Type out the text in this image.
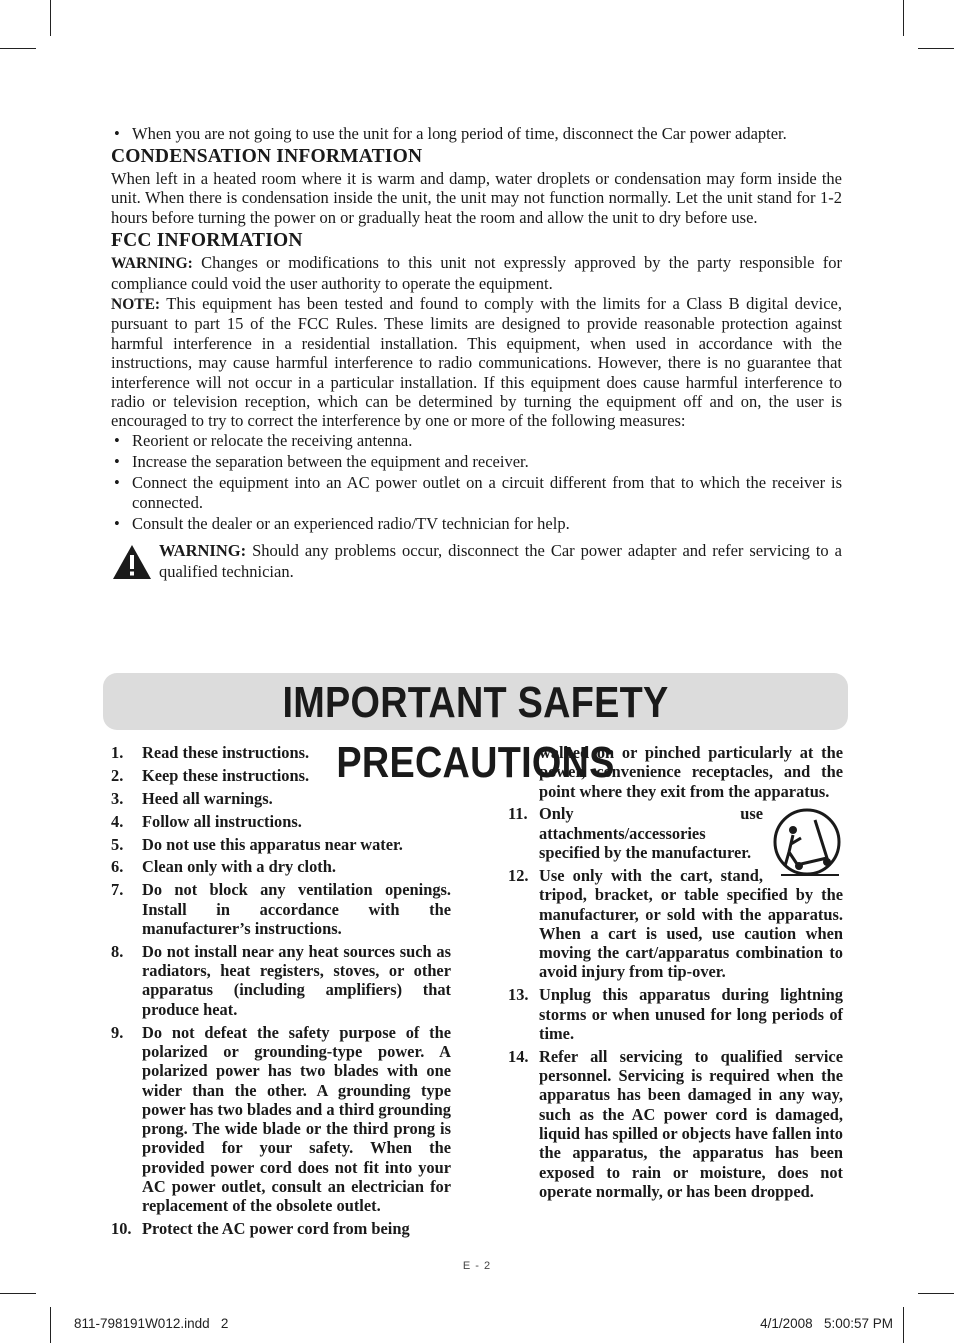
• When you are not going to use the unit for a long period of time, disconnect the Car power adapter.

CONDENSATION INFORMATION

When left in a heated room where it is warm and damp, water droplets or condensation may form inside the unit. When there is condensation inside the unit, the unit may not function normally. Let the unit stand for 1-2 hours before turning the power on or gradually heat the room and allow the unit to dry before use.

FCC INFORMATION

WARNING: Changes or modifications to this unit not expressly approved by the party responsible for compliance could void the user authority to operate the equipment.

NOTE: This equipment has been tested and found to comply with the limits for a Class B digital device, pursuant to part 15 of the FCC Rules. These limits are designed to provide reasonable protection against harmful interference in a residential installation. This equipment, when used in accordance with the instructions, may cause harmful interference to radio communications. However, there is no guarantee that interference will not occur in a particular installation. If this equipment does cause harmful interference to radio or television reception, which can be determined by turning the equipment off and on, the user is encouraged to try to correct the interference by one or more of the following measures:

• Reorient or relocate the receiving antenna.

• Increase the separation between the equipment and receiver.

• Connect the equipment into an AC power outlet on a circuit different from that to which the receiver is connected.

• Consult the dealer or an experienced radio/TV technician for help.

WARNING: Should any problems occur, disconnect the Car power adapter and refer servicing to a qualified technician.
IMPORTANT SAFETY PRECAUTIONS
1. Read these instructions.
2. Keep these instructions.
3. Heed all warnings.
4. Follow all instructions.
5. Do not use this apparatus near water.
6. Clean only with a dry cloth.
7. Do not block any ventilation openings. Install in accordance with the manufacturer’s instructions.
8. Do not install near any heat sources such as radiators, heat registers, stoves, or other apparatus (including amplifiers) that produce heat.
9. Do not defeat the safety purpose of the polarized or grounding-type power. A polarized power has two blades with one wider than the other. A grounding type power has two blades and a third grounding prong. The wide blade or the third prong is provided for your safety. When the provided power cord does not fit into your AC power outlet, consult an electrician for replacement of the obsolete outlet.
10. Protect the AC power cord from being
walked on or pinched particularly at the power, convenience receptacles, and the point where they exit from the apparatus.
11. Only use attachments/accessories specified by the manufacturer.
12. Use only with the cart, stand, tripod, bracket, or table specified by the manufacturer, or sold with the apparatus. When a cart is used, use caution when moving the cart/apparatus combination to avoid injury from tip-over.
13. Unplug this apparatus during lightning storms or when unused for long periods of time.
14. Refer all servicing to qualified service personnel. Servicing is required when the apparatus has been damaged in any way, such as the AC power cord is damaged, liquid has spilled or objects have fallen into the apparatus, the apparatus has been exposed to rain or moisture, does not operate normally, or has been dropped.
E - 2
811-798191W012.indd   2	4/1/2008   5:00:57 PM
